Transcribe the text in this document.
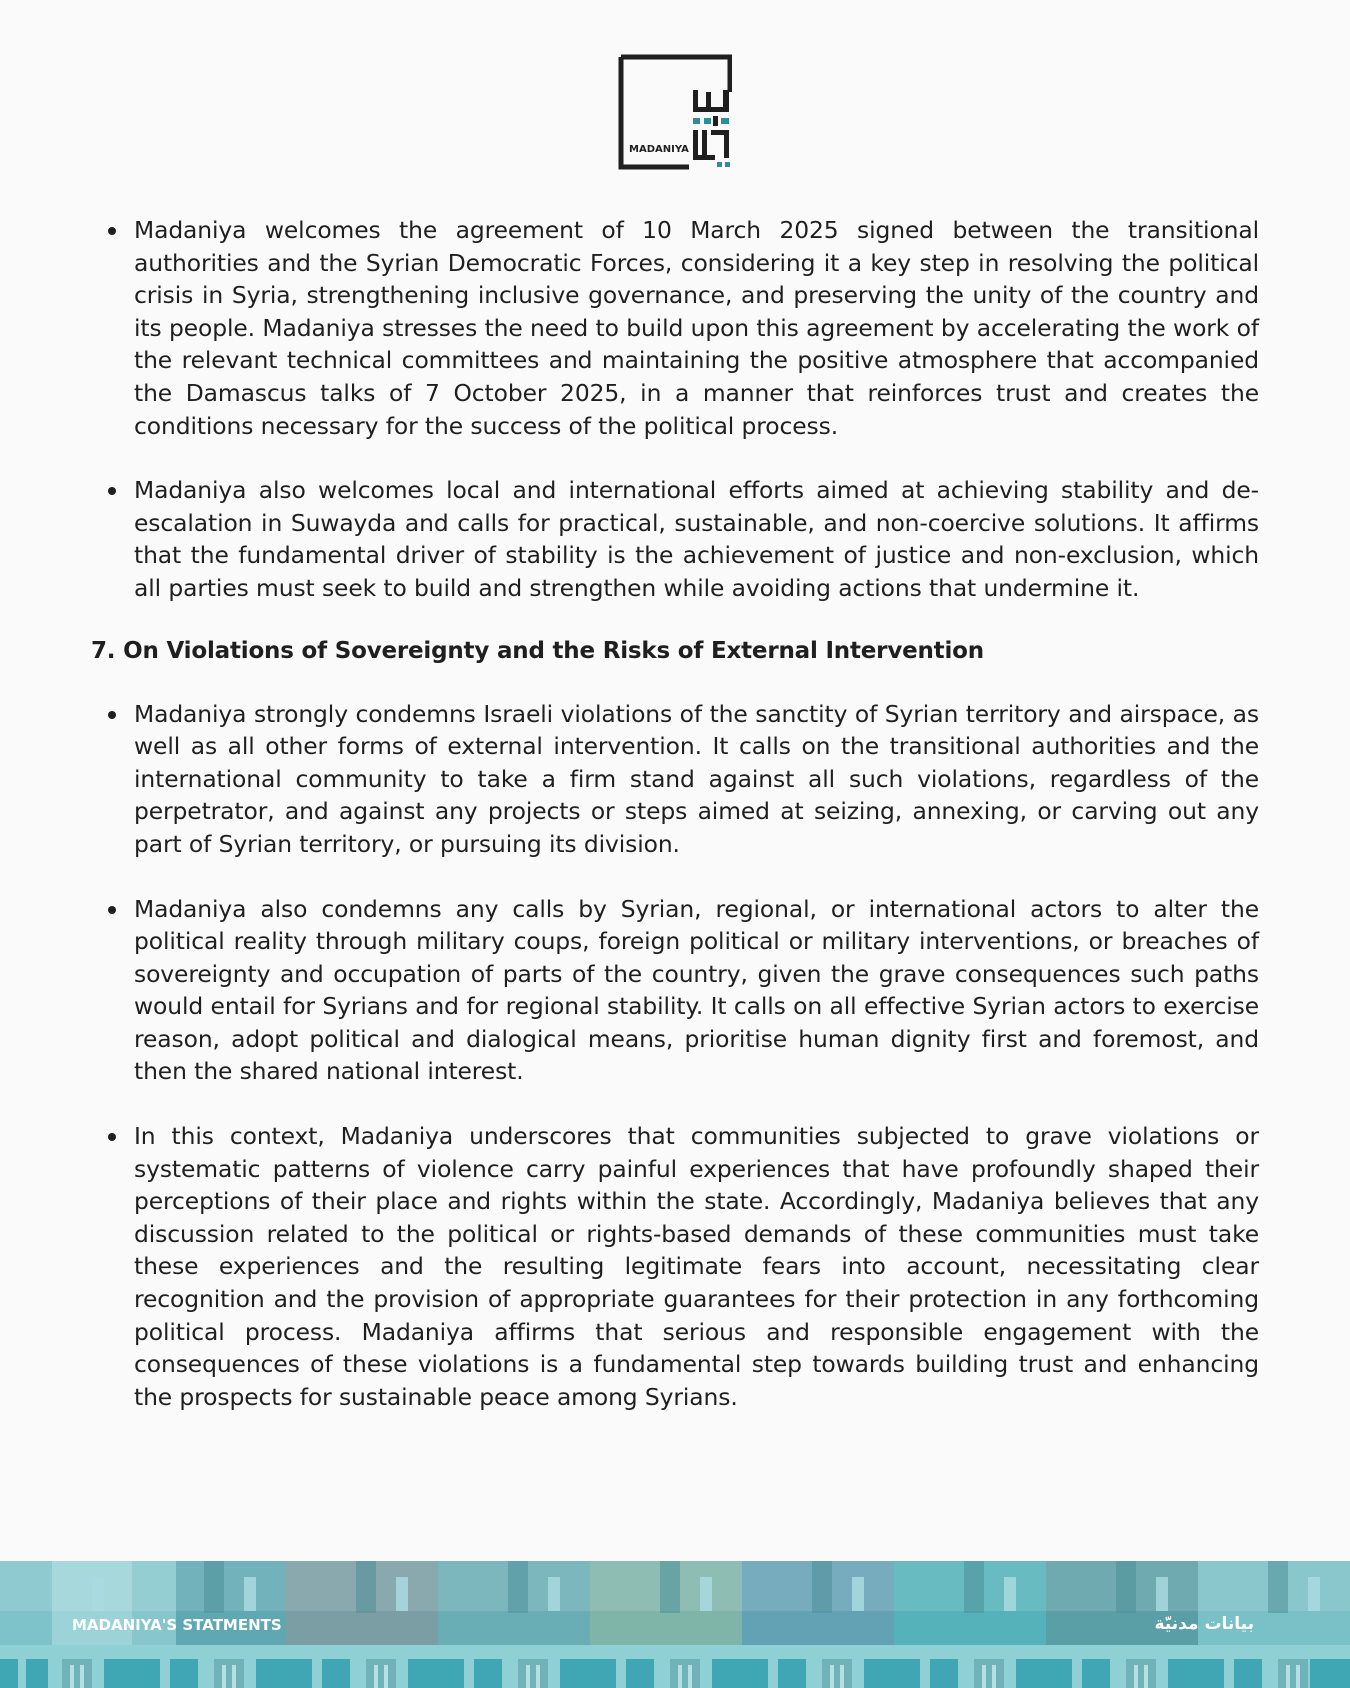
MADANIYA
Madaniya welcomes the agreement of 10 March 2025 signed between the transitional authorities and the Syrian Democratic Forces, considering it a key step in resolving the political crisis in Syria, strengthening inclusive governance, and preserving the unity of the country and its people. Madaniya stresses the need to build upon this agreement by accelerating the work of the relevant technical committees and maintaining the positive atmosphere that accompanied the Damascus talks of 7 October 2025, in a manner that reinforces trust and creates the conditions necessary for the success of the political process.
Madaniya also welcomes local and international efforts aimed at achieving stability and de-escalation in Suwayda and calls for practical, sustainable, and non-coercive solutions. It affirms that the fundamental driver of stability is the achievement of justice and non-exclusion, which all parties must seek to build and strengthen while avoiding actions that undermine it.
7. On Violations of Sovereignty and the Risks of External Intervention
Madaniya strongly condemns Israeli violations of the sanctity of Syrian territory and airspace, as well as all other forms of external intervention. It calls on the transitional authorities and the international community to take a firm stand against all such violations, regardless of the perpetrator, and against any projects or steps aimed at seizing, annexing, or carving out any part of Syrian territory, or pursuing its division.
Madaniya also condemns any calls by Syrian, regional, or international actors to alter the political reality through military coups, foreign political or military interventions, or breaches of sovereignty and occupation of parts of the country, given the grave consequences such paths would entail for Syrians and for regional stability. It calls on all effective Syrian actors to exercise reason, adopt political and dialogical means, prioritise human dignity first and foremost, and then the shared national interest.
In this context, Madaniya underscores that communities subjected to grave violations or systematic patterns of violence carry painful experiences that have profoundly shaped their perceptions of their place and rights within the state. Accordingly, Madaniya believes that any discussion related to the political or rights-based demands of these communities must take these experiences and the resulting legitimate fears into account, necessitating clear recognition and the provision of appropriate guarantees for their protection in any forthcoming political process. Madaniya affirms that serious and responsible engagement with the consequences of these violations is a fundamental step towards building trust and enhancing the prospects for sustainable peace among Syrians.
MADANIYA'S STATMENTS	بيانات مدنيّة
